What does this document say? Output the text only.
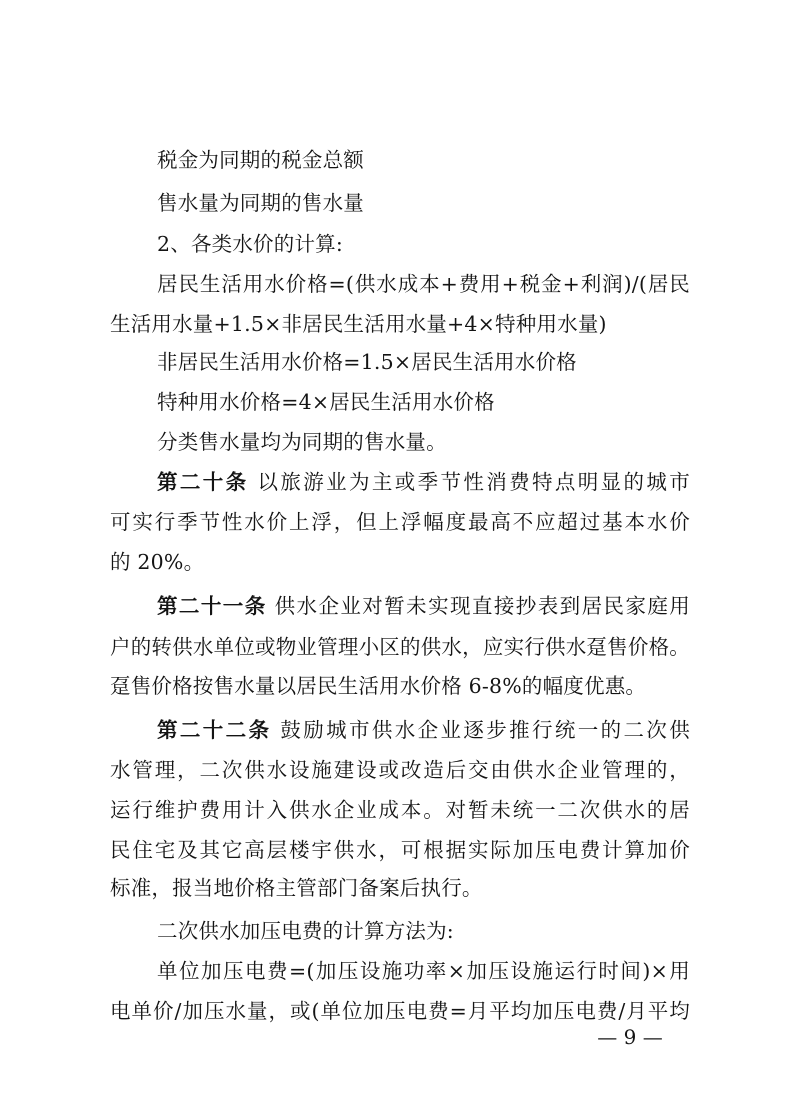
税金为同期的税金总额
售水量为同期的售水量
2、各类水价的计算:
居民生活用水价格=(供水成本+费用+税金+利润)/(居民
生活用水量+1.5×非居民生活用水量+4×特种用水量)
非居民生活用水价格=1.5×居民生活用水价格
特种用水价格=4×居民生活用水价格
分类售水量均为同期的售水量。
第二十条 以旅游业为主或季节性消费特点明显的城市
可实行季节性水价上浮，但上浮幅度最高不应超过基本水价
的 20%。
第二十一条 供水企业对暂未实现直接抄表到居民家庭用
户的转供水单位或物业管理小区的供水，应实行供水趸售价格。
趸售价格按售水量以居民生活用水价格 6-8%的幅度优惠。
第二十二条 鼓励城市供水企业逐步推行统一的二次供
水管理，二次供水设施建设或改造后交由供水企业管理的，
运行维护费用计入供水企业成本。对暂未统一二次供水的居
民住宅及其它高层楼宇供水，可根据实际加压电费计算加价
标准，报当地价格主管部门备案后执行。
二次供水加压电费的计算方法为:
单位加压电费=(加压设施功率×加压设施运行时间)×用
电单价/加压水量，或(单位加压电费=月平均加压电费/月平均
— 9 —
